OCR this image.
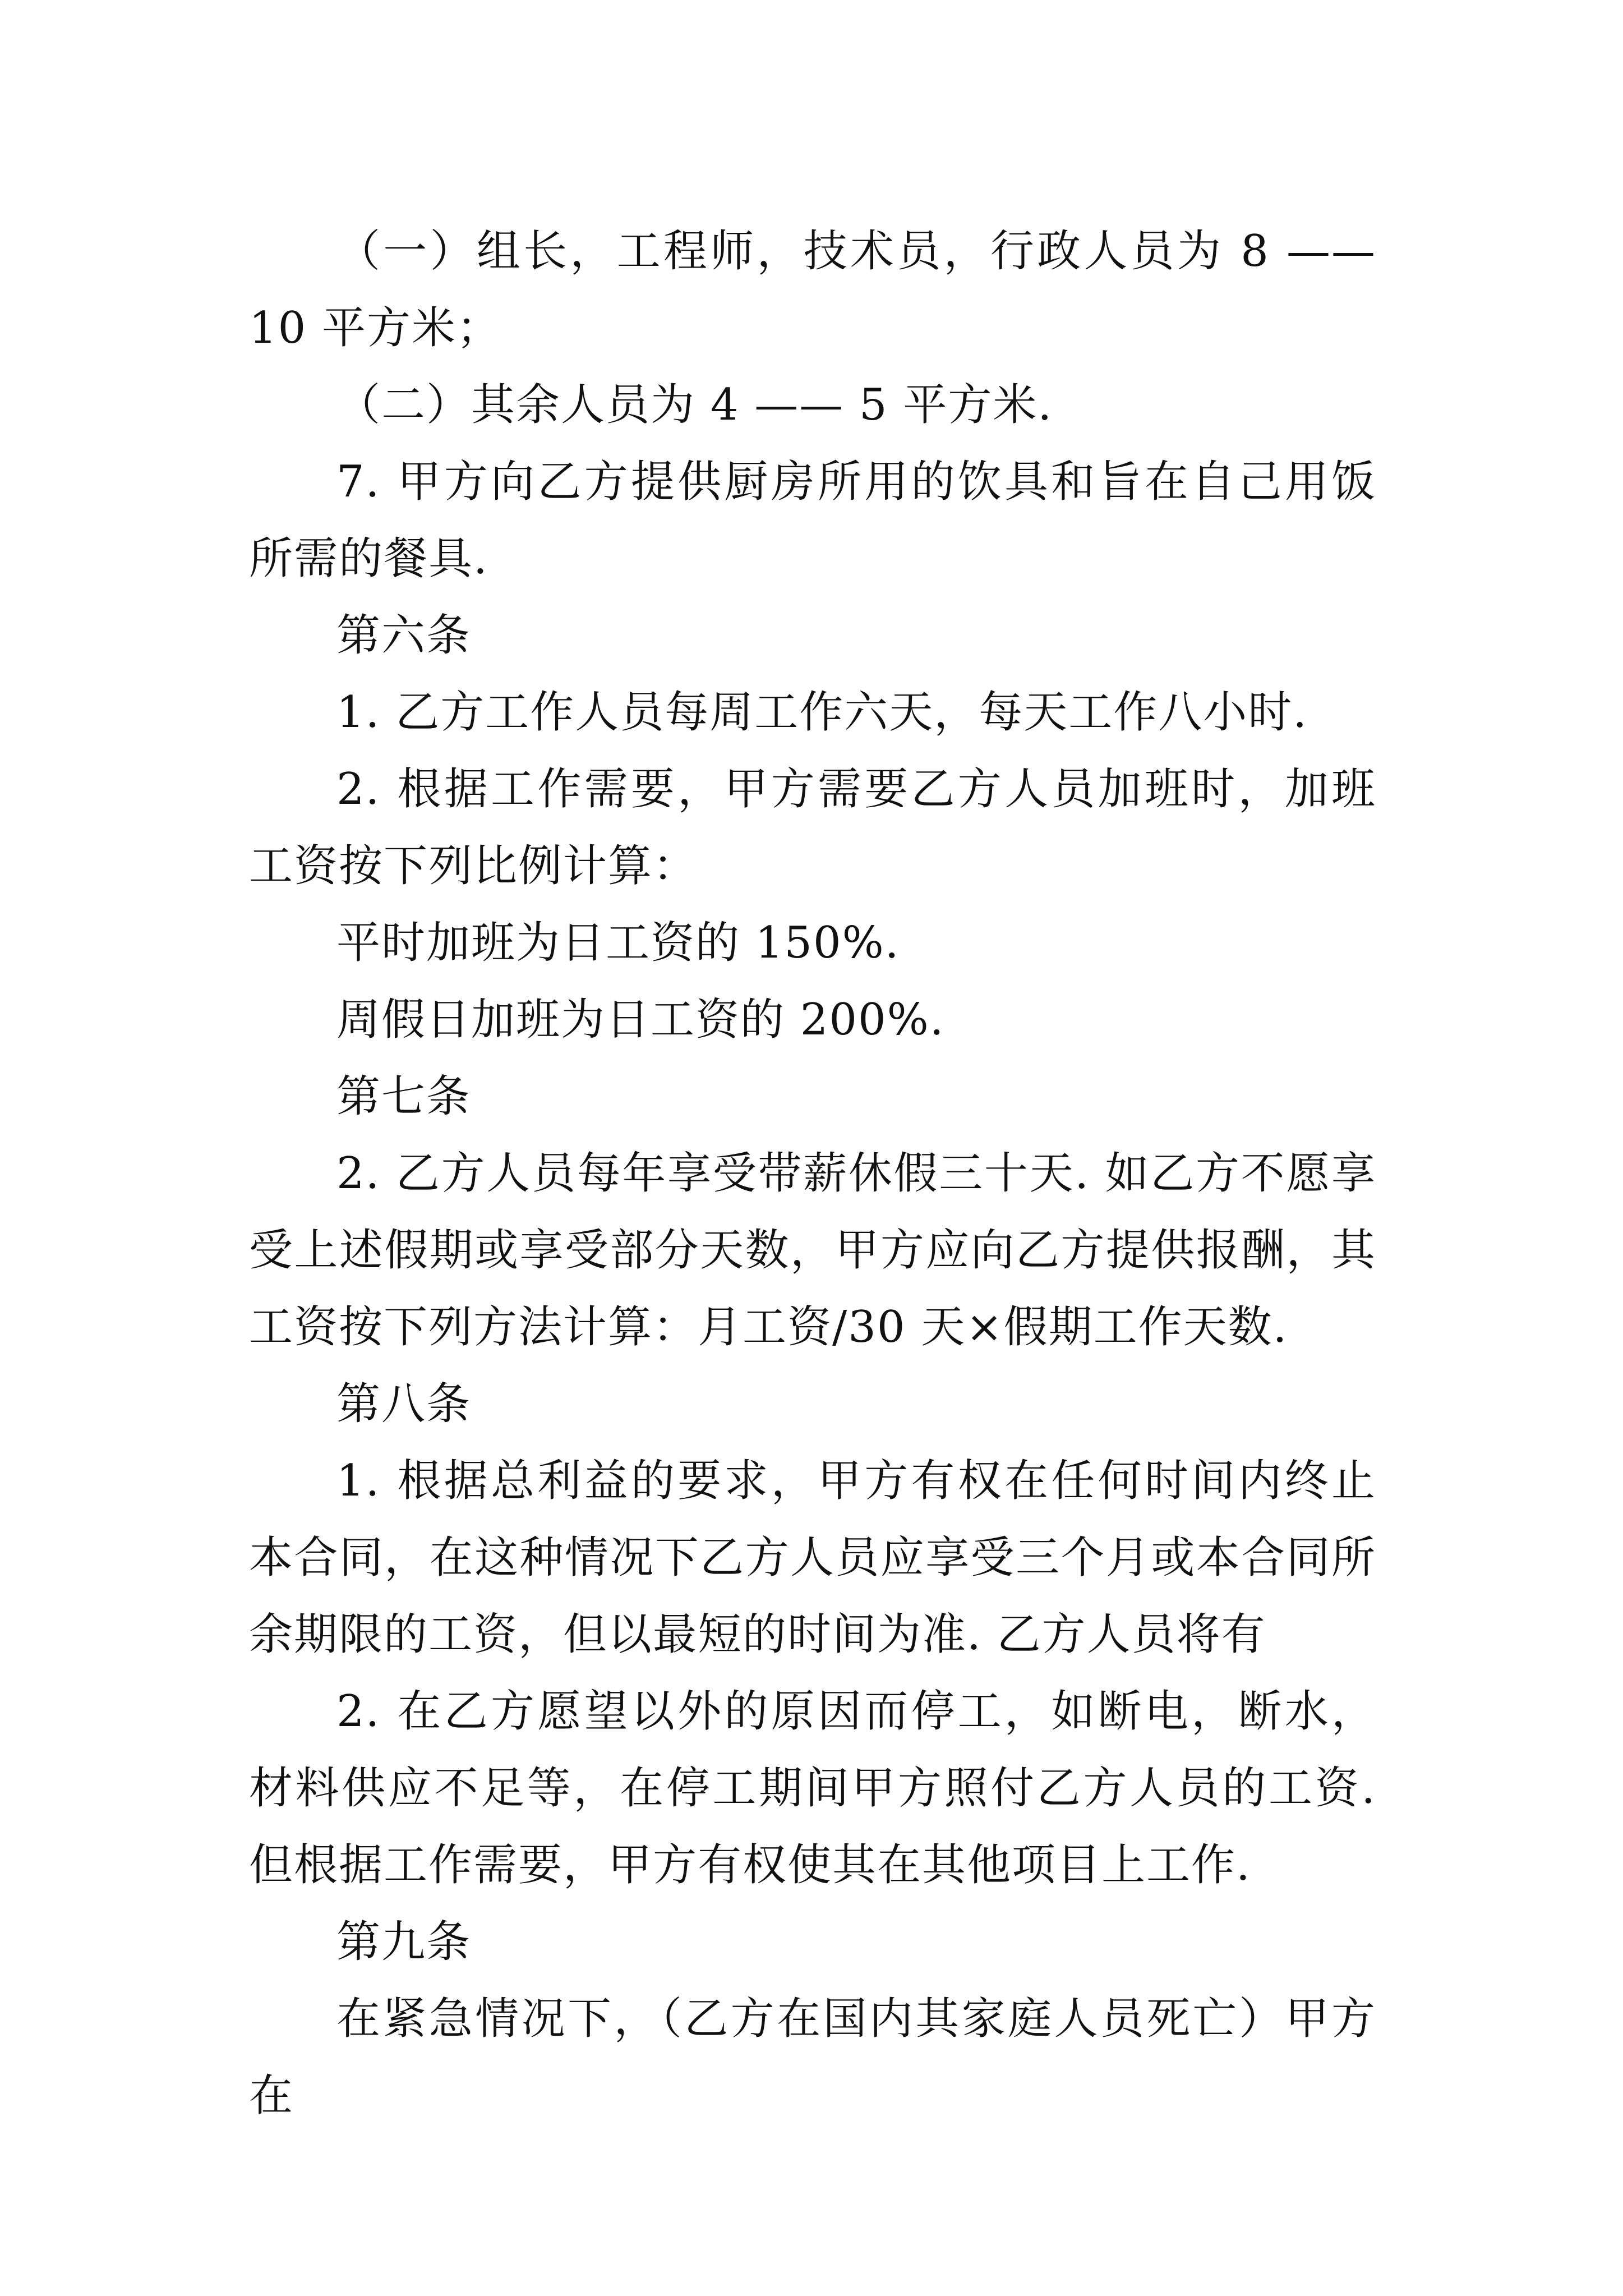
（一）组长，工程师，技术员，行政人员为 8 —— 10 平方米；

（二）其余人员为 4 —— 5 平方米.

7. 甲方向乙方提供厨房所用的饮具和旨在自己用饭所需的餐具.

第六条

1. 乙方工作人员每周工作六天，每天工作八小时.

2. 根据工作需要，甲方需要乙方人员加班时，加班工资按下列比例计算：

平时加班为日工资的 150%.

周假日加班为日工资的 200%.

第七条

2. 乙方人员每年享受带薪休假三十天. 如乙方不愿享受上述假期或享受部分天数，甲方应向乙方提供报酬，其工资按下列方法计算：月工资/30 天×假期工作天数.

第八条

1. 根据总利益的要求，甲方有权在任何时间内终止本合同，在这种情况下乙方人员应享受三个月或本合同所余期限的工资，但以最短的时间为准. 乙方人员将有

2. 在乙方愿望以外的原因而停工，如断电，断水，材料供应不足等，在停工期间甲方照付乙方人员的工资. 但根据工作需要，甲方有权使其在其他项目上工作.

第九条

在紧急情况下，（乙方在国内其家庭人员死亡）甲方在
